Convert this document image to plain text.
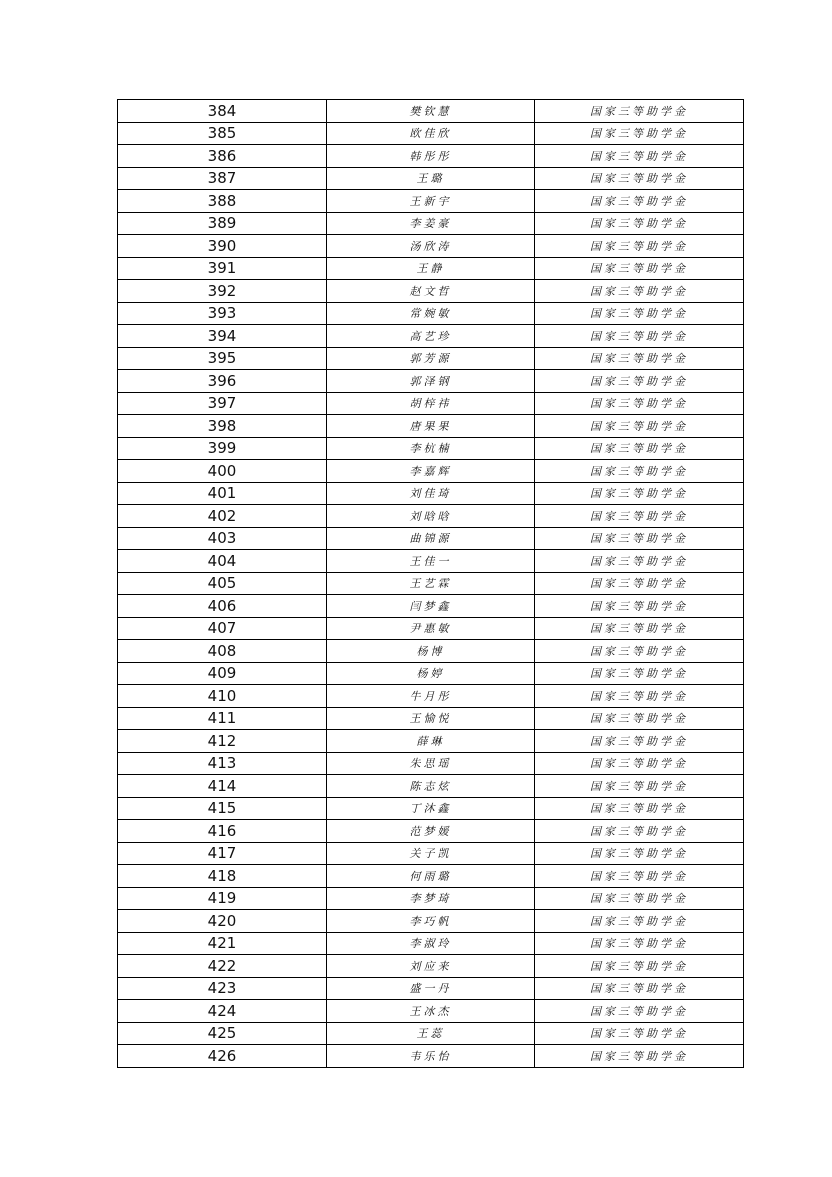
384	樊钦慧	国家三等助学金
385	欧佳欣	国家三等助学金
386	韩彤彤	国家三等助学金
387	王璐	国家三等助学金
388	王新宇	国家三等助学金
389	李姜豪	国家三等助学金
390	汤欣涛	国家三等助学金
391	王静	国家三等助学金
392	赵文哲	国家三等助学金
393	常婉敏	国家三等助学金
394	高艺珍	国家三等助学金
395	郭芳源	国家三等助学金
396	郭泽钢	国家三等助学金
397	胡梓祎	国家三等助学金
398	唐果果	国家三等助学金
399	李杭楠	国家三等助学金
400	李嘉辉	国家三等助学金
401	刘佳琦	国家三等助学金
402	刘晗晗	国家三等助学金
403	曲锦源	国家三等助学金
404	王佳一	国家三等助学金
405	王艺霖	国家三等助学金
406	闫梦鑫	国家三等助学金
407	尹惠敏	国家三等助学金
408	杨博	国家三等助学金
409	杨婷	国家三等助学金
410	牛月彤	国家三等助学金
411	王愉悦	国家三等助学金
412	薛琳	国家三等助学金
413	朱思瑶	国家三等助学金
414	陈志炫	国家三等助学金
415	丁沐鑫	国家三等助学金
416	范梦媛	国家三等助学金
417	关子凯	国家三等助学金
418	何雨璐	国家三等助学金
419	李梦琦	国家三等助学金
420	李巧帆	国家三等助学金
421	李淑玲	国家三等助学金
422	刘应来	国家三等助学金
423	盛一丹	国家三等助学金
424	王冰杰	国家三等助学金
425	王蕊	国家三等助学金
426	韦乐怡	国家三等助学金
